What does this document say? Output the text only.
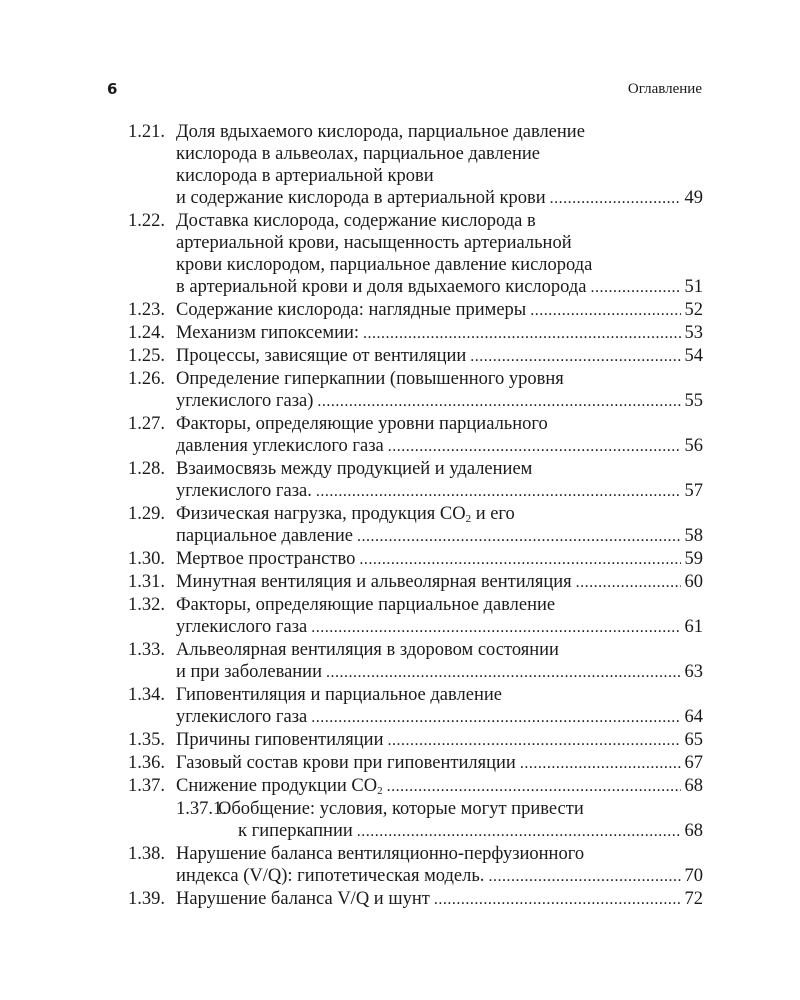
6	Оглавление
1.21. Доля вдыхаемого кислорода, парциальное давление
кислорода в альвеолах, парциальное давление
кислорода в артериальной крови
и содержание кислорода в артериальной крови .....	49
1.22. Доставка кислорода, содержание кислорода в
артериальной крови, насыщенность артериальной
крови кислородом, парциальное давление кислорода
в артериальной крови и доля вдыхаемого кислорода .....	51
1.23. Содержание кислорода: наглядные примеры .....	52
1.24. Механизм гипоксемии: .....	53
1.25. Процессы, зависящие от вентиляции .....	54
1.26. Определение гиперкапнии (повышенного уровня
углекислого газа) .....	55
1.27. Факторы, определяющие уровни парциального
давления углекислого газа .....	56
1.28. Взаимосвязь между продукцией и удалением
углекислого газа. .....	57
1.29. Физическая нагрузка, продукция $CO_2$ и его
парциальное давление .....	58
1.30. Мертвое пространство .....	59
1.31. Минутная вентиляция и альвеолярная вентиляция .....	60
1.32. Факторы, определяющие парциальное давление
углекислого газа .....	61
1.33. Альвеолярная вентиляция в здоровом состоянии
и при заболевании .....	63
1.34. Гиповентиляция и парциальное давление
углекислого газа .....	64
1.35. Причины гиповентиляции .....	65
1.36. Газовый состав крови при гиповентиляции .....	67
1.37. Снижение продукции $CO_2$ .....	68
1.37.1.
Обобщение: условия, которые могут привести
к гиперкапнии .....	68
1.38. Нарушение баланса вентиляционно-перфузионного
индекса (V/Q): гипотетическая модель. .....	70
1.39. Нарушение баланса V/Q и шунт .....	72
